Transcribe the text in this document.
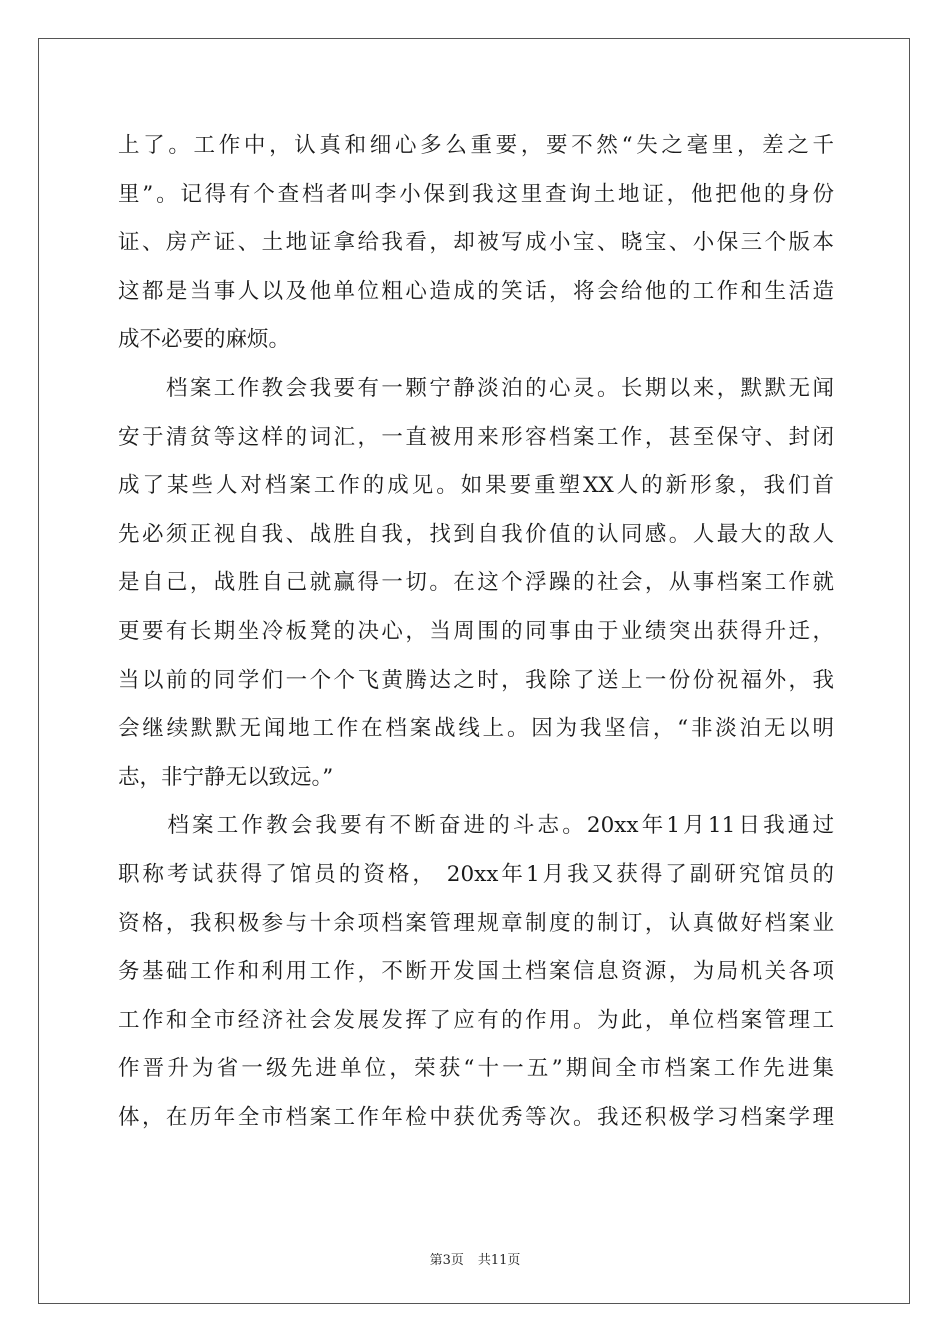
上了。工作中，认真和细心多么重要，要不然“失之毫里，差之千
里”。记得有个查档者叫李小保到我这里查询土地证，他把他的身份
证、房产证、土地证拿给我看，却被写成小宝、晓宝、小保三个版本
这都是当事人以及他单位粗心造成的笑话，将会给他的工作和生活造
成不必要的麻烦。
　　档案工作教会我要有一颗宁静淡泊的心灵。长期以来，默默无闻
安于清贫等这样的词汇，一直被用来形容档案工作，甚至保守、封闭
成了某些人对档案工作的成见。如果要重塑XX人的新形象，我们首
先必须正视自我、战胜自我，找到自我价值的认同感。人最大的敌人
是自己，战胜自己就赢得一切。在这个浮躁的社会，从事档案工作就
更要有长期坐冷板凳的决心，当周围的同事由于业绩突出获得升迁，
当以前的同学们一个个飞黄腾达之时，我除了送上一份份祝福外，我
会继续默默无闻地工作在档案战线上。因为我坚信，“非淡泊无以明
志，非宁静无以致远。”
　　档案工作教会我要有不断奋进的斗志。20xx年1月11日我通过
职称考试获得了馆员的资格， 20xx年1月我又获得了副研究馆员的
资格，我积极参与十余项档案管理规章制度的制订，认真做好档案业
务基础工作和利用工作，不断开发国土档案信息资源，为局机关各项
工作和全市经济社会发展发挥了应有的作用。为此，单位档案管理工
作晋升为省一级先进单位，荣获“十一五”期间全市档案工作先进集
体，在历年全市档案工作年检中获优秀等次。我还积极学习档案学理
第3页 共11页
